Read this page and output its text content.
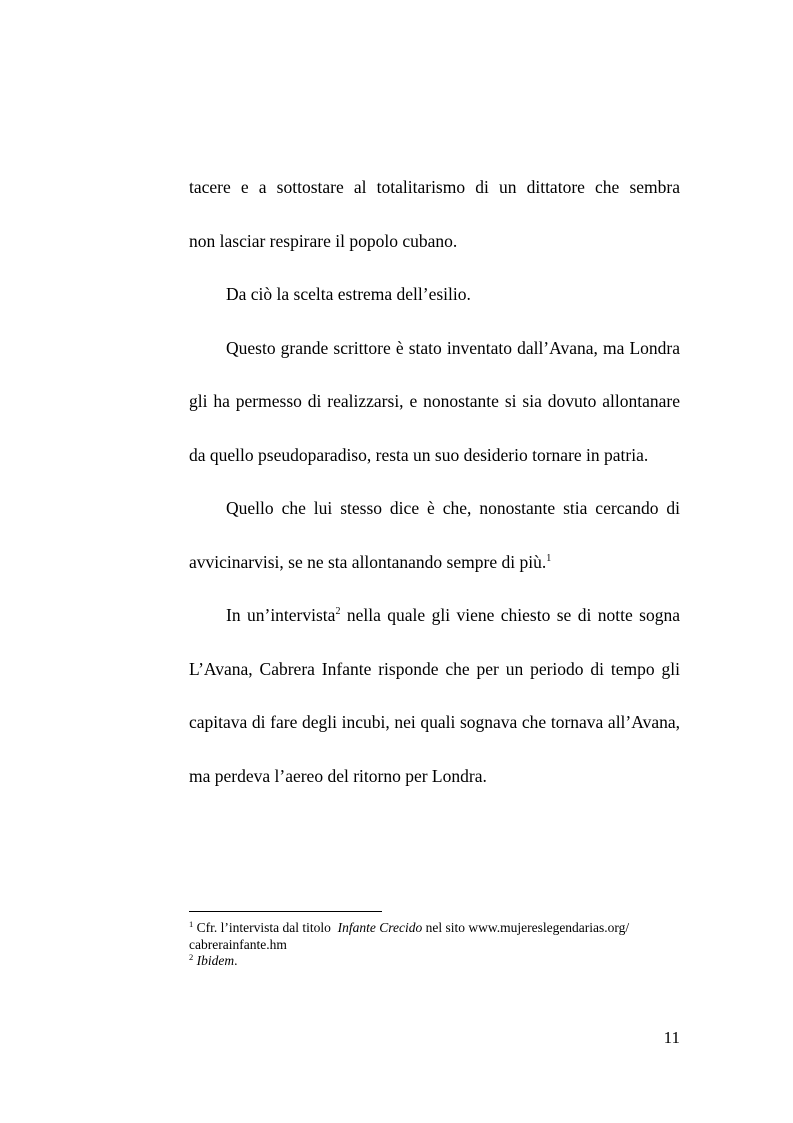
tacere e a sottostare al totalitarismo di un dittatore che sembra
non lasciar respirare il popolo cubano.

Da ciò la scelta estrema dell’esilio.

Questo grande scrittore è stato inventato dall’Avana, ma Londra gli ha permesso di realizzarsi, e nonostante si sia dovuto allontanare da quello pseudoparadiso, resta un suo desiderio tornare in patria.

Quello che lui stesso dice è che, nonostante stia cercando di avvicinarvisi, se ne sta allontanando sempre di più.$^1$

In un’intervista$^2$ nella quale gli viene chiesto se di notte sogna L’Avana, Cabrera Infante risponde che per un periodo di tempo gli capitava di fare degli incubi, nei quali sognava che tornava all’Avana, ma perdeva l’aereo del ritorno per Londra.

$^1$ Cfr. l’intervista dal titolo  Infante Crecido nel sito www.mujereslegendarias.org/ cabrerainfante.hm

$^2$ Ibidem.

11
